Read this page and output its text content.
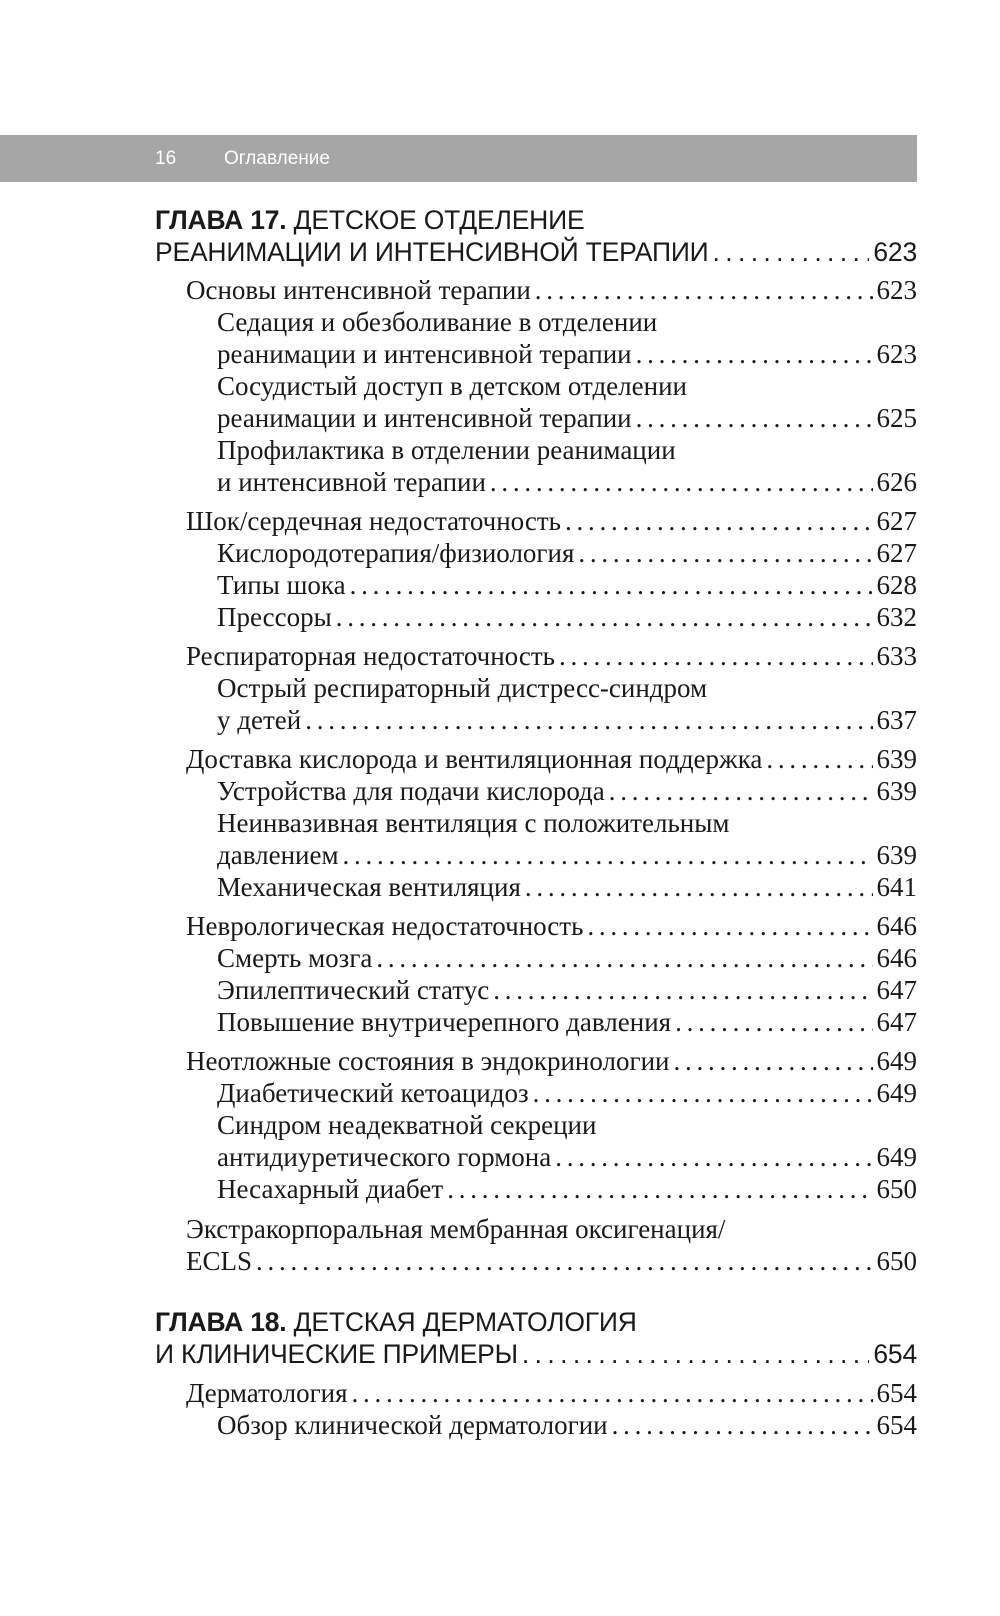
16	Оглавление
ГЛАВА 17. ДЕТСКОЕ ОТДЕЛЕНИЕ
РЕАНИМАЦИИ И ИНТЕНСИВНОЙ ТЕРАПИИ . . .	623
Основы интенсивной терапии . . .	623
Седация и обезболивание в отделении
реанимации и интенсивной терапии . . .	623
Сосудистый доступ в детском отделении
реанимации и интенсивной терапии . . .	625
Профилактика в отделении реанимации
и интенсивной терапии . . .	626
Шок/сердечная недостаточность . . .	627
Кислородотерапия/физиология . . .	627
Типы шока . . .	628
Прессоры . . .	632
Респираторная недостаточность . . .	633
Острый респираторный дистресс-синдром
у детей . . .	637
Доставка кислорода и вентиляционная поддержка . . .	639
Устройства для подачи кислорода . . .	639
Неинвазивная вентиляция с положительным
давлением . . .	639
Механическая вентиляция . . .	641
Неврологическая недостаточность . . .	646
Смерть мозга . . .	646
Эпилептический статус . . .	647
Повышение внутричерепного давления . . .	647
Неотложные состояния в эндокринологии . . .	649
Диабетический кетоацидоз . . .	649
Синдром неадекватной секреции
антидиуретического гормона . . .	649
Несахарный диабет . . .	650
Экстракорпоральная мембранная оксигенация/
ECLS . . .	650
ГЛАВА 18. ДЕТСКАЯ ДЕРМАТОЛОГИЯ
И КЛИНИЧЕСКИЕ ПРИМЕРЫ . . .	654
Дерматология . . .	654
Обзор клинической дерматологии . . .	654
